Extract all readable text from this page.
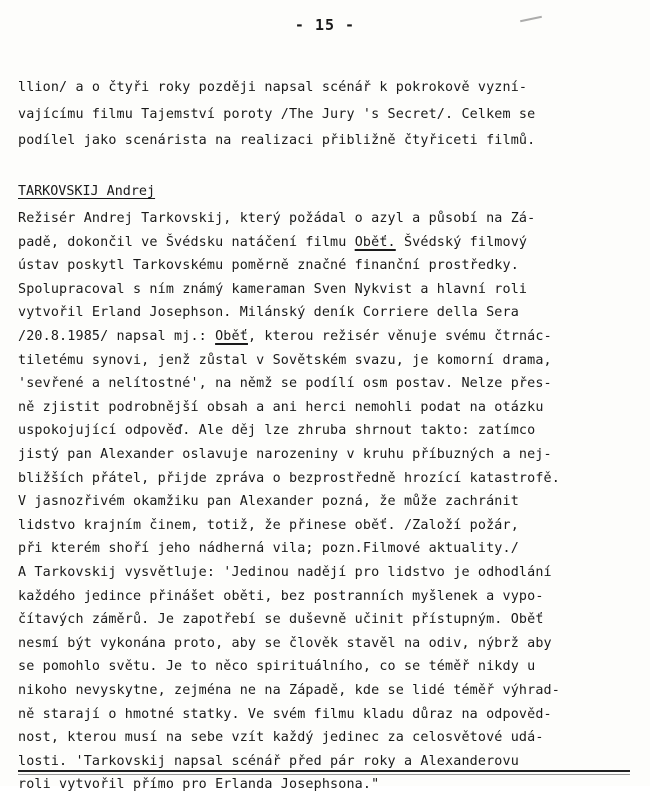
- 15 -
llion/ a o čtyři roky později napsal scénář k pokrokově vyzní-
vajícímu filmu Tajemství poroty /The Jury 's Secret/. Celkem se
podílel jako scenárista na realizaci přibližně čtyřiceti filmů.
TARKOVSKIJ Andrej
Režisér Andrej Tarkovskij, který požádal o azyl a působí na Zá-
padě, dokončil ve Švédsku natáčení filmu Oběť. Švédský filmový
ústav poskytl Tarkovskému poměrně značné finanční prostředky.
Spolupracoval s ním známý kameraman Sven Nykvist a hlavní roli
vytvořil Erland Josephson. Milánský deník Corriere della Sera
/20.8.1985/ napsal mj.: Oběť, kterou režisér věnuje svému čtrnác-
tiletému synovi, jenž zůstal v Sovětském svazu, je komorní drama,
'sevřené a nelítostné', na němž se podílí osm postav. Nelze přes-
ně zjistit podrobnější obsah a ani herci nemohli podat na otázku
uspokojující odpověď. Ale děj lze zhruba shrnout takto: zatímco
jistý pan Alexander oslavuje narozeniny v kruhu příbuzných a nej-
bližších přátel, přijde zpráva o bezprostředně hrozící katastrofě.
V jasnozřivém okamžiku pan Alexander pozná, že může zachránit
lidstvo krajním činem, totiž, že přinese oběť. /Založí požár,
při kterém shoří jeho nádherná vila; pozn.Filmové aktuality./
A Tarkovskij vysvětluje: 'Jedinou nadějí pro lidstvo je odhodlání
každého jedince přinášet oběti, bez postranních myšlenek a vypo-
čítavých záměrů. Je zapotřebí se duševně učinit přístupným. Oběť
nesmí být vykonána proto, aby se člověk stavěl na odiv, nýbrž aby
se pomohlo světu. Je to něco spirituálního, co se téměř nikdy u
nikoho nevyskytne, zejména ne na Západě, kde se lidé téměř výhrad-
ně starají o hmotné statky. Ve svém filmu kladu důraz na odpověd-
nost, kterou musí na sebe vzít každý jedinec za celosvětové udá-
losti. 'Tarkovskij napsal scénář před pár roky a Alexanderovu
roli vytvořil přímo pro Erlanda Josephsona."
